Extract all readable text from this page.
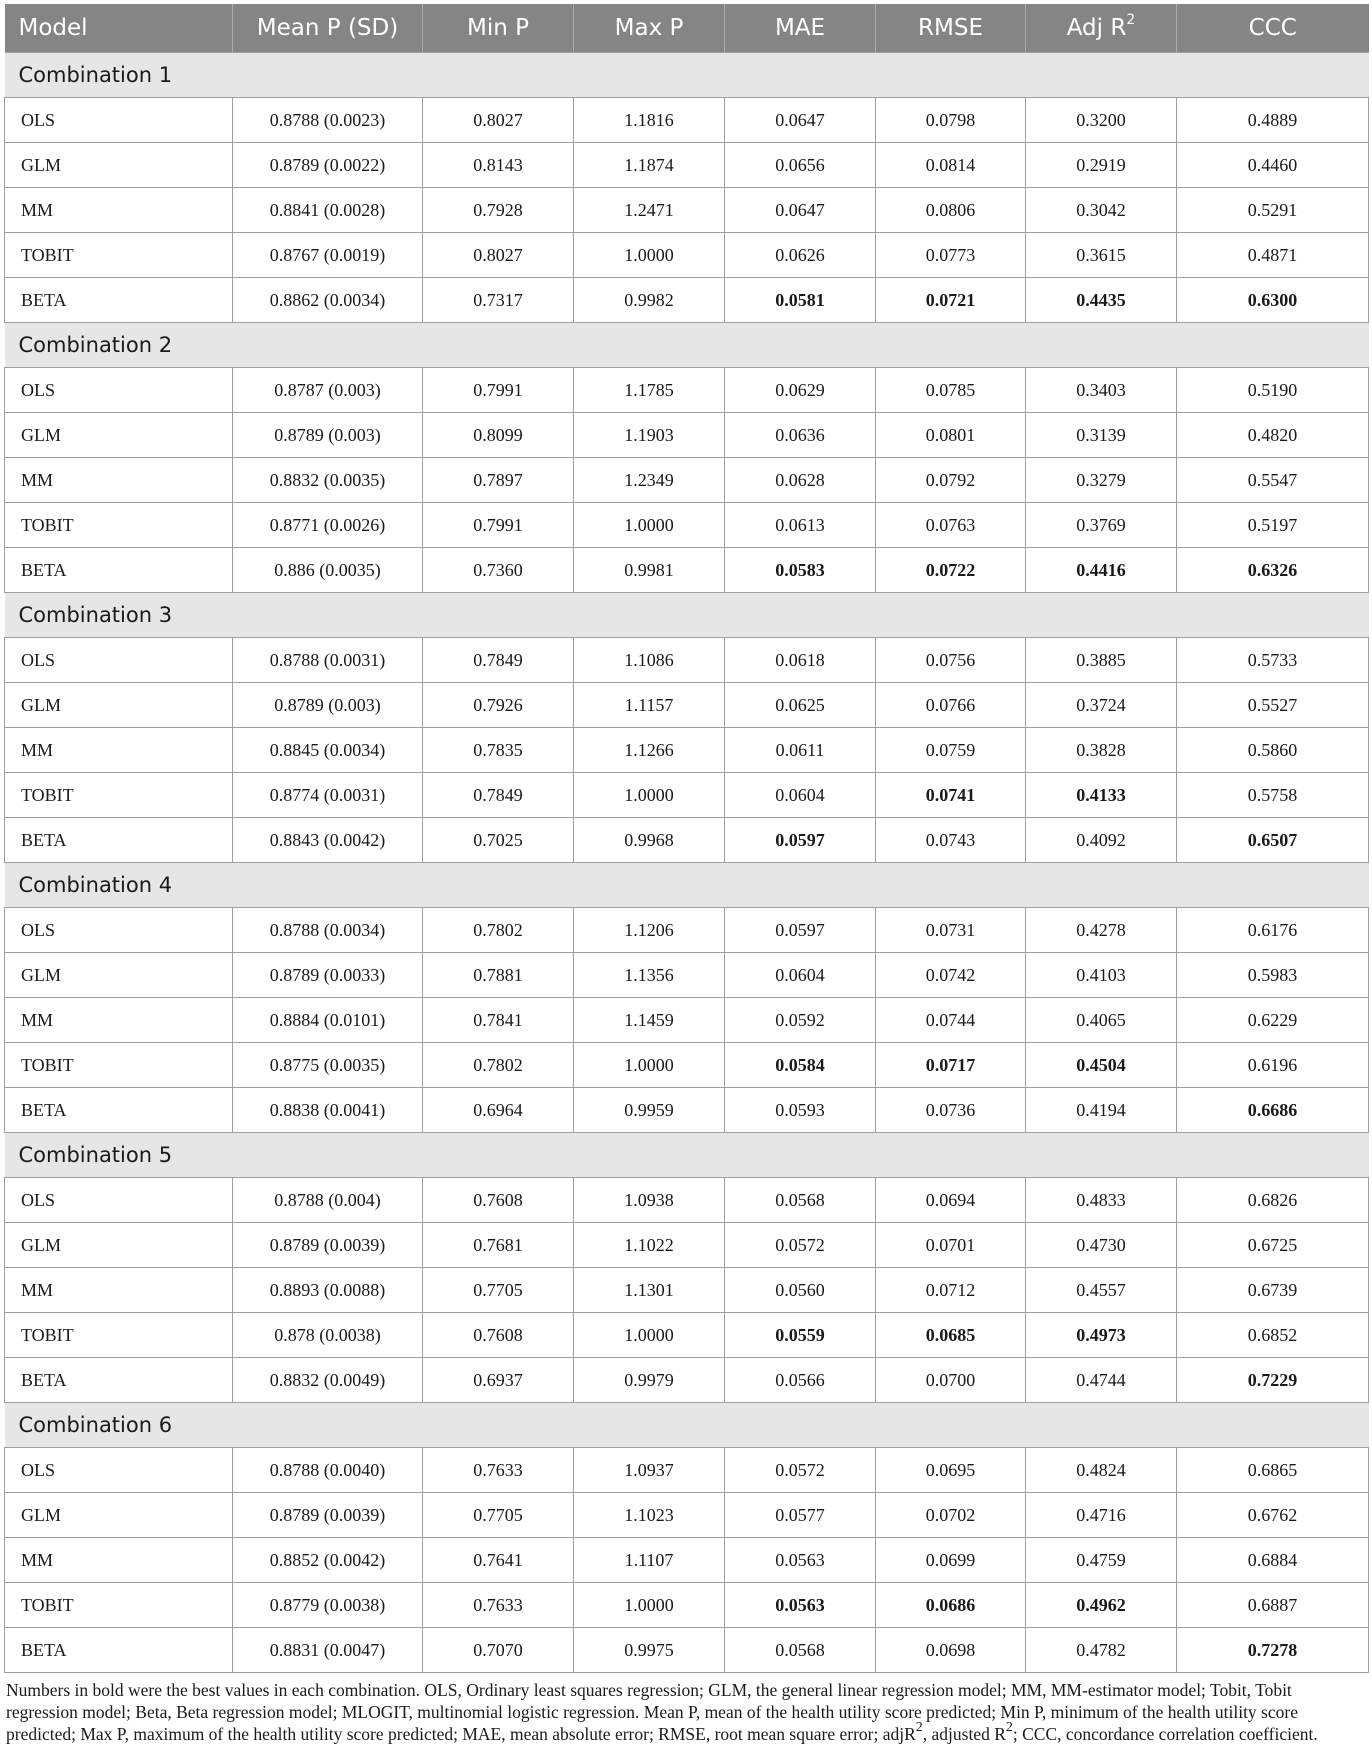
Model	Mean P (SD)	Min P	Max P	MAE	RMSE	Adj $R^2$	CCC
Combination 1							
OLS	0.8788 (0.0023)	0.8027	1.1816	0.0647	0.0798	0.3200	0.4889
GLM	0.8789 (0.0022)	0.8143	1.1874	0.0656	0.0814	0.2919	0.4460
MM	0.8841 (0.0028)	0.7928	1.2471	0.0647	0.0806	0.3042	0.5291
TOBIT	0.8767 (0.0019)	0.8027	1.0000	0.0626	0.0773	0.3615	0.4871
BETA	0.8862 (0.0034)	0.7317	0.9982	0.0581	0.0721	0.4435	0.6300
Combination 2							
OLS	0.8787 (0.003)	0.7991	1.1785	0.0629	0.0785	0.3403	0.5190
GLM	0.8789 (0.003)	0.8099	1.1903	0.0636	0.0801	0.3139	0.4820
MM	0.8832 (0.0035)	0.7897	1.2349	0.0628	0.0792	0.3279	0.5547
TOBIT	0.8771 (0.0026)	0.7991	1.0000	0.0613	0.0763	0.3769	0.5197
BETA	0.886 (0.0035)	0.7360	0.9981	0.0583	0.0722	0.4416	0.6326
Combination 3							
OLS	0.8788 (0.0031)	0.7849	1.1086	0.0618	0.0756	0.3885	0.5733
GLM	0.8789 (0.003)	0.7926	1.1157	0.0625	0.0766	0.3724	0.5527
MM	0.8845 (0.0034)	0.7835	1.1266	0.0611	0.0759	0.3828	0.5860
TOBIT	0.8774 (0.0031)	0.7849	1.0000	0.0604	0.0741	0.4133	0.5758
BETA	0.8843 (0.0042)	0.7025	0.9968	0.0597	0.0743	0.4092	0.6507
Combination 4							
OLS	0.8788 (0.0034)	0.7802	1.1206	0.0597	0.0731	0.4278	0.6176
GLM	0.8789 (0.0033)	0.7881	1.1356	0.0604	0.0742	0.4103	0.5983
MM	0.8884 (0.0101)	0.7841	1.1459	0.0592	0.0744	0.4065	0.6229
TOBIT	0.8775 (0.0035)	0.7802	1.0000	0.0584	0.0717	0.4504	0.6196
BETA	0.8838 (0.0041)	0.6964	0.9959	0.0593	0.0736	0.4194	0.6686
Combination 5							
OLS	0.8788 (0.004)	0.7608	1.0938	0.0568	0.0694	0.4833	0.6826
GLM	0.8789 (0.0039)	0.7681	1.1022	0.0572	0.0701	0.4730	0.6725
MM	0.8893 (0.0088)	0.7705	1.1301	0.0560	0.0712	0.4557	0.6739
TOBIT	0.878 (0.0038)	0.7608	1.0000	0.0559	0.0685	0.4973	0.6852
BETA	0.8832 (0.0049)	0.6937	0.9979	0.0566	0.0700	0.4744	0.7229
Combination 6							
OLS	0.8788 (0.0040)	0.7633	1.0937	0.0572	0.0695	0.4824	0.6865
GLM	0.8789 (0.0039)	0.7705	1.1023	0.0577	0.0702	0.4716	0.6762
MM	0.8852 (0.0042)	0.7641	1.1107	0.0563	0.0699	0.4759	0.6884
TOBIT	0.8779 (0.0038)	0.7633	1.0000	0.0563	0.0686	0.4962	0.6887
BETA	0.8831 (0.0047)	0.7070	0.9975	0.0568	0.0698	0.4782	0.7278
Numbers in bold were the best values in each combination. OLS, Ordinary least squares regression; GLM, the general linear regression model; MM, MM-estimator model; Tobit, Tobit regression model; Beta, Beta regression model; MLOGIT, multinomial logistic regression. Mean P, mean of the health utility score predicted; Min P, minimum of the health utility score predicted; Max P, maximum of the health utility score predicted; MAE, mean absolute error; RMSE, root mean square error; adjR$^2$, adjusted $R^2$; CCC, concordance correlation coefficient.
